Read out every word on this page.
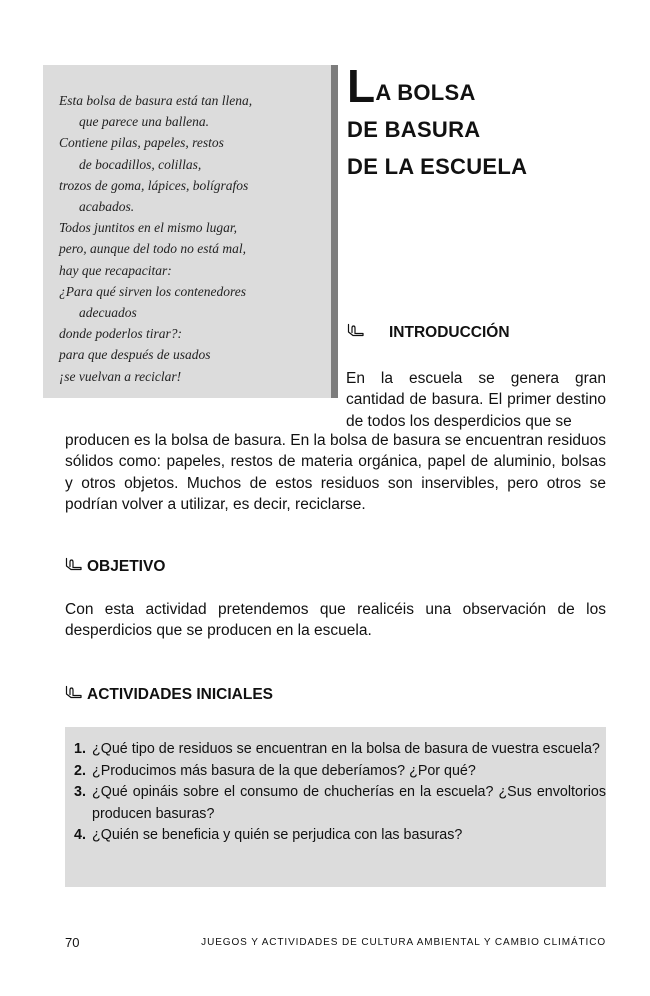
Esta bolsa de basura está tan llena,
que parece una ballena.
Contiene pilas, papeles, restos
de bocadillos, colillas,
trozos de goma, lápices, bolígrafos
acabados.
Todos juntitos en el mismo lugar,
pero, aunque del todo no está mal,
hay que recapacitar:
¿Para qué sirven los contenedores
adecuados
donde poderlos tirar?:
para que después de usados
¡se vuelvan a reciclar!
LA BOLSA
DE BASURA
DE LA ESCUELA
INTRODUCCIÓN

En la escuela se genera gran cantidad de basura. El primer destino de todos los desperdicios que se

producen es la bolsa de basura. En la bolsa de basura se encuentran residuos sólidos como: papeles, restos de materia orgánica, papel de aluminio, bolsas y otros objetos. Muchos de estos residuos son inservibles, pero otros se podrían volver a utilizar, es decir, reciclarse.

OBJETIVO

Con esta actividad pretendemos que realicéis una observación de los desperdicios que se producen en la escuela.

ACTIVIDADES INICIALES
1. ¿Qué tipo de residuos se encuentran en la bolsa de basura de vuestra escuela?
2. ¿Producimos más basura de la que deberíamos? ¿Por qué?
3. ¿Qué opináis sobre el consumo de chucherías en la escuela? ¿Sus envoltorios producen basuras?
4. ¿Quién se beneficia y quién se perjudica con las basuras?
70	JUEGOS Y ACTIVIDADES DE CULTURA AMBIENTAL Y CAMBIO CLIMÁTICO
